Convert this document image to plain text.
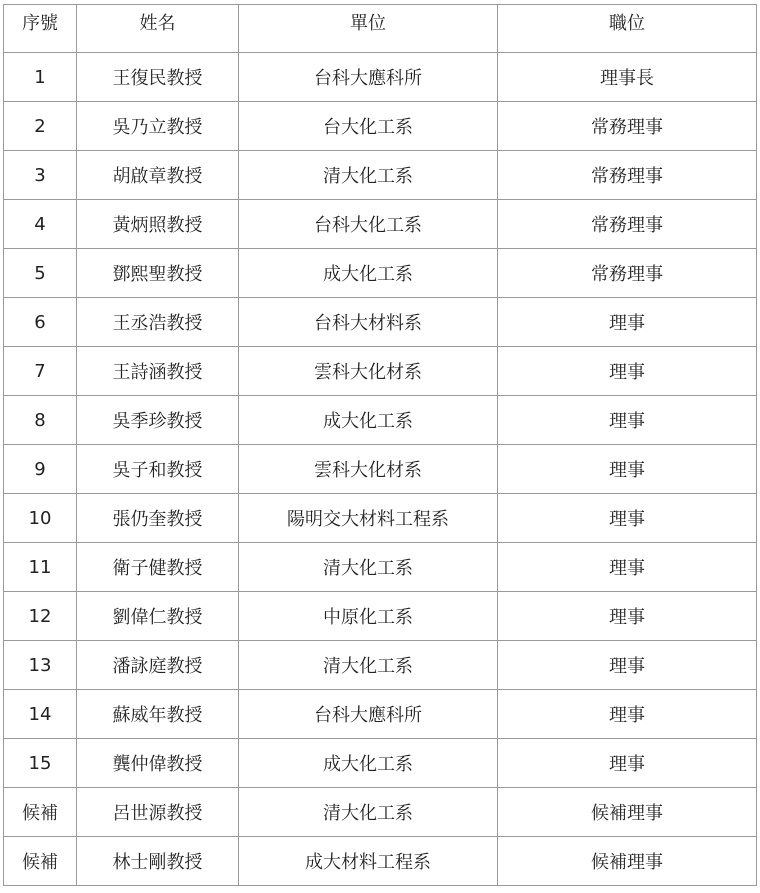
序號	姓名	單位	職位
1	王復民教授	台科大應科所	理事長
2	吳乃立教授	台大化工系	常務理事
3	胡啟章教授	清大化工系	常務理事
4	黃炳照教授	台科大化工系	常務理事
5	鄧熙聖教授	成大化工系	常務理事
6	王丞浩教授	台科大材料系	理事
7	王詩涵教授	雲科大化材系	理事
8	吳季珍教授	成大化工系	理事
9	吳子和教授	雲科大化材系	理事
10	張仍奎教授	陽明交大材料工程系	理事
11	衛子健教授	清大化工系	理事
12	劉偉仁教授	中原化工系	理事
13	潘詠庭教授	清大化工系	理事
14	蘇威年教授	台科大應科所	理事
15	龔仲偉教授	成大化工系	理事
候補	呂世源教授	清大化工系	候補理事
候補	林士剛教授	成大材料工程系	候補理事
